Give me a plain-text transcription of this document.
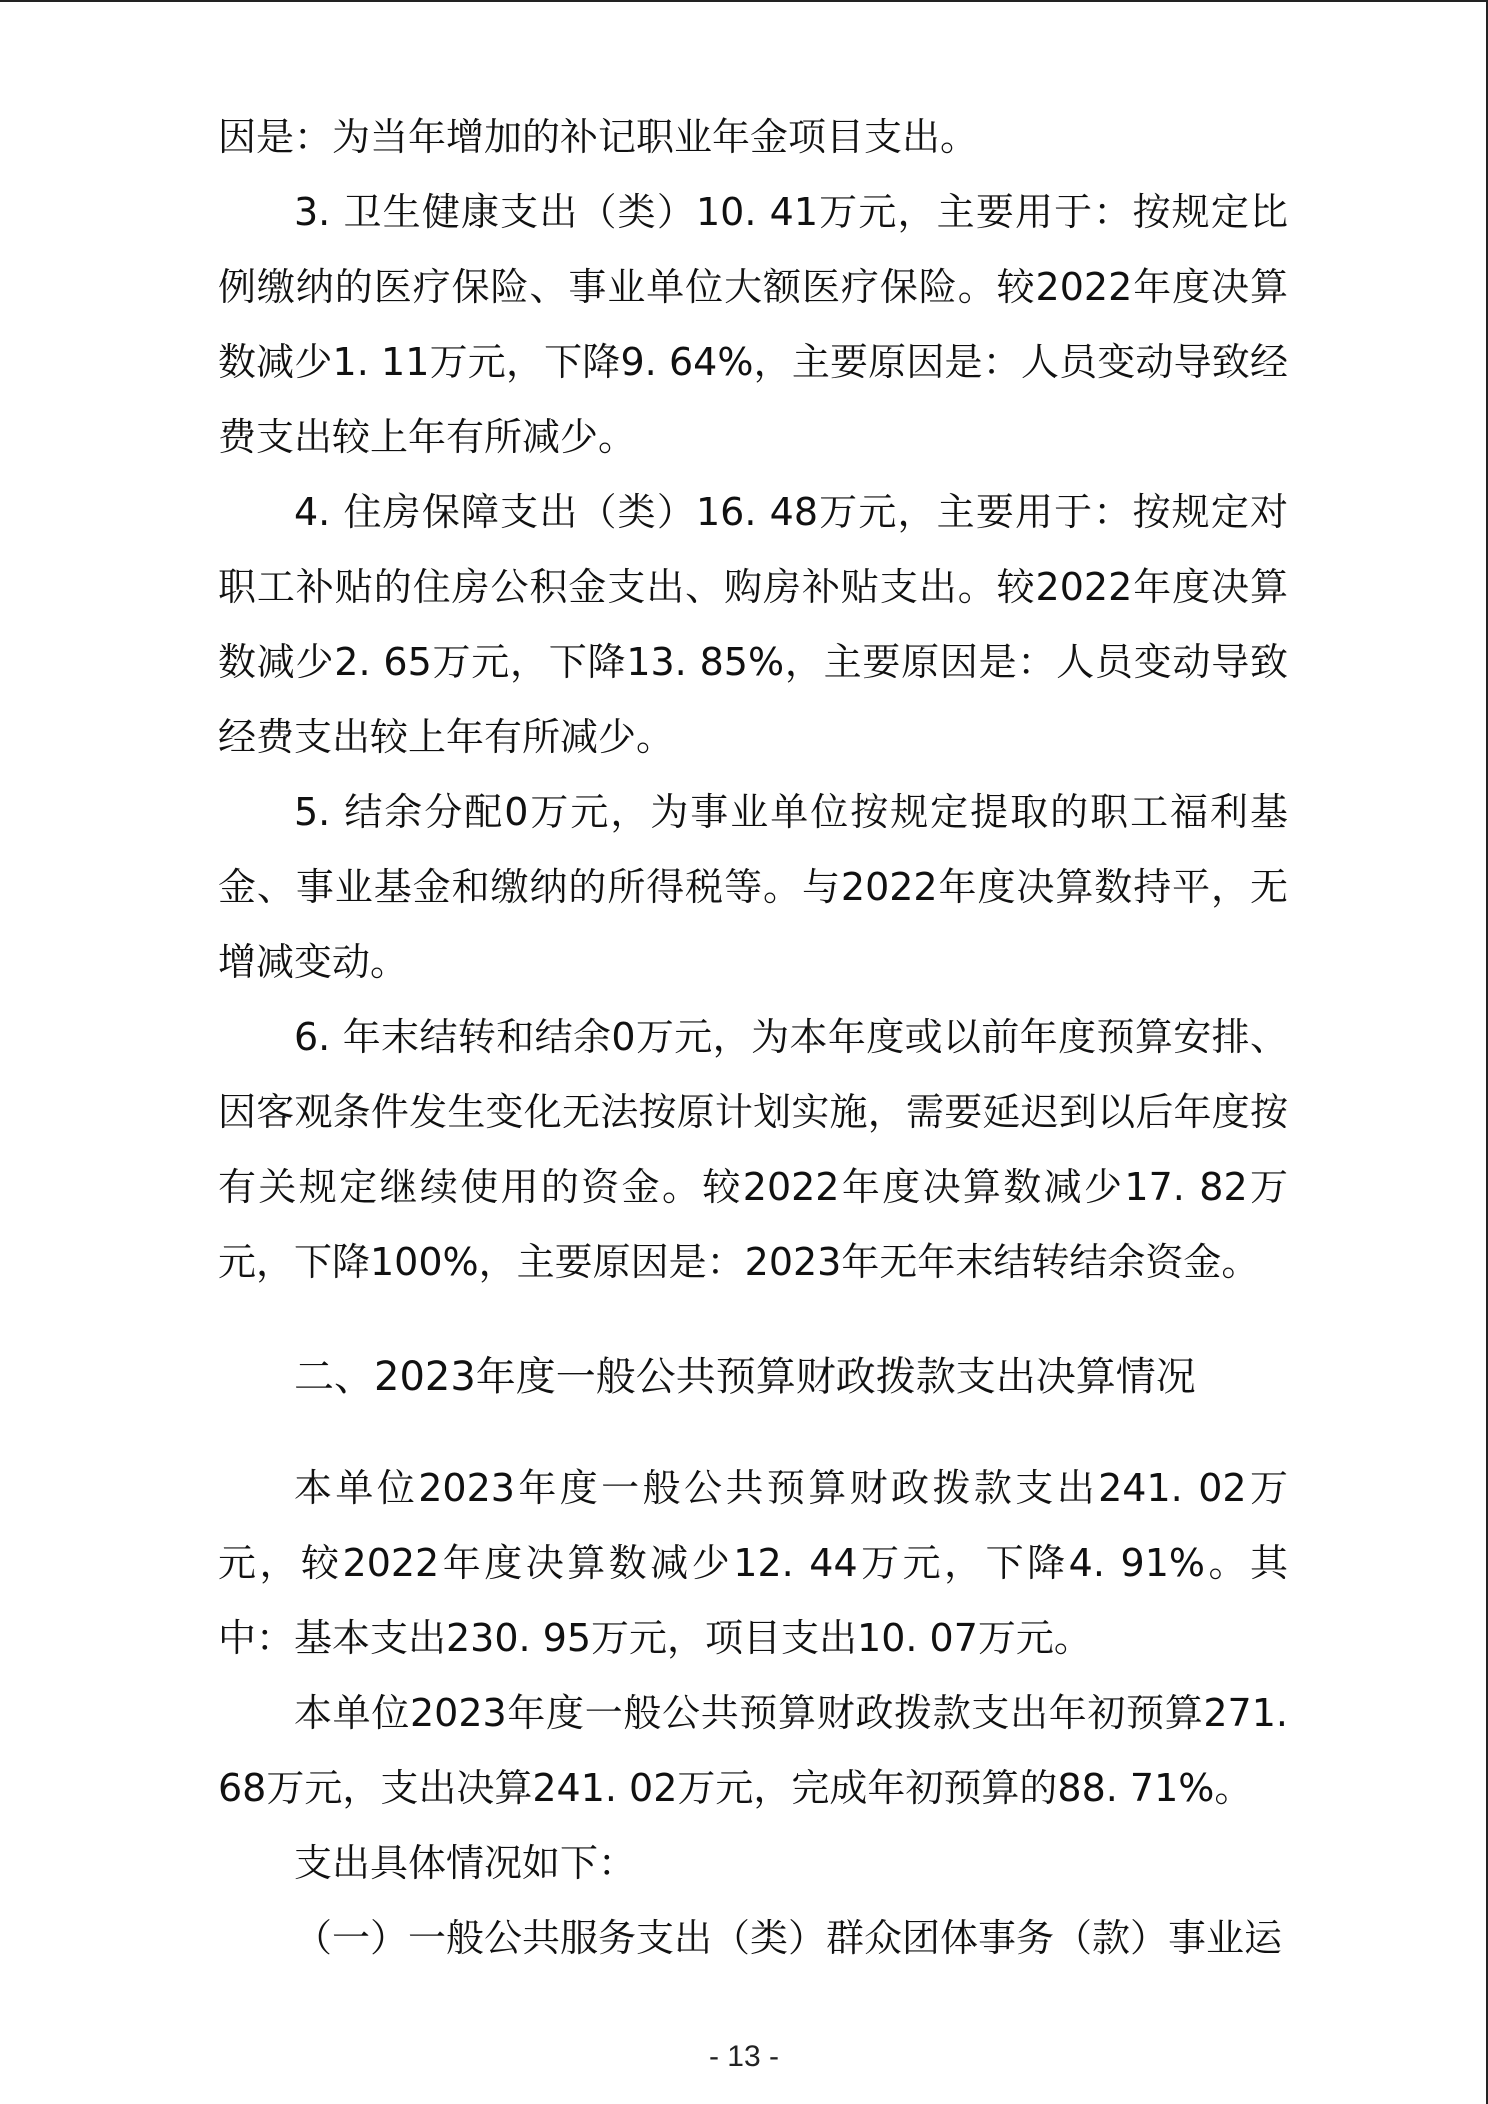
因是：为当年增加的补记职业年金项目支出。

3. 卫生健康支出（类）10. 41万元，主要用于：按规定比例缴纳的医疗保险、事业单位大额医疗保险。较2022年度决算数减少1. 11万元，下降9. 64%，主要原因是：人员变动导致经费支出较上年有所减少。

4. 住房保障支出（类）16. 48万元，主要用于：按规定对职工补贴的住房公积金支出、购房补贴支出。较2022年度决算数减少2. 65万元，下降13. 85%，主要原因是：人员变动导致经费支出较上年有所减少。

5. 结余分配0万元，为事业单位按规定提取的职工福利基金、事业基金和缴纳的所得税等。与2022年度决算数持平，无增减变动。

6. 年末结转和结余0万元，为本年度或以前年度预算安排、因客观条件发生变化无法按原计划实施，需要延迟到以后年度按有关规定继续使用的资金。较2022年度决算数减少17. 82万元，下降100%，主要原因是：2023年无年末结转结余资金。

二、2023年度一般公共预算财政拨款支出决算情况

本单位2023年度一般公共预算财政拨款支出241. 02万元，较2022年度决算数减少12. 44万元，下降4. 91%。其中：基本支出230. 95万元，项目支出10. 07万元。

本单位2023年度一般公共预算财政拨款支出年初预算271. 68万元，支出决算241. 02万元，完成年初预算的88. 71%。

支出具体情况如下：

（一）一般公共服务支出（类）群众团体事务（款）事业运

- 13 -
